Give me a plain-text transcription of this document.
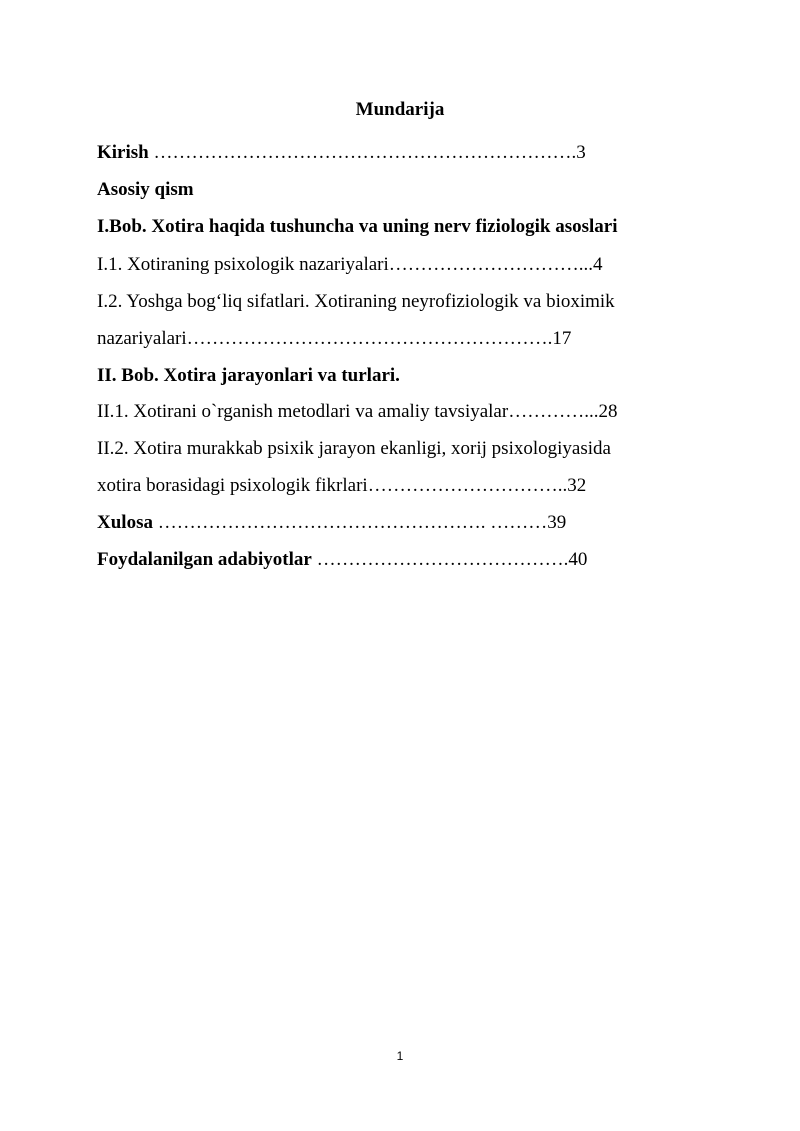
Mundarija
Kirish ………………………………………………………….3
Asosiy qism
I.Bob. Xotira haqida tushuncha va uning nerv fiziologik asoslari
I.1. Xotiraning psixologik nazariyalari…………………………...4
I.2. Yoshga bog‘liq sifatlari. Xotiraning neyrofiziologik va bioximik
nazariyalari………………………………………………….17
II. Bob. Xotira jarayonlari va turlari.
II.1. Xotirani o`rganish metodlari va amaliy tavsiyalar…………...28
II.2. Xotira murakkab psixik jarayon ekanligi, xorij psixologiyasida
xotira borasidagi psixologik fikrlari…………………………..32
Xulosa ……………………………………………. ………39
Foydalanilgan adabiyotlar ………………………………….40
1
